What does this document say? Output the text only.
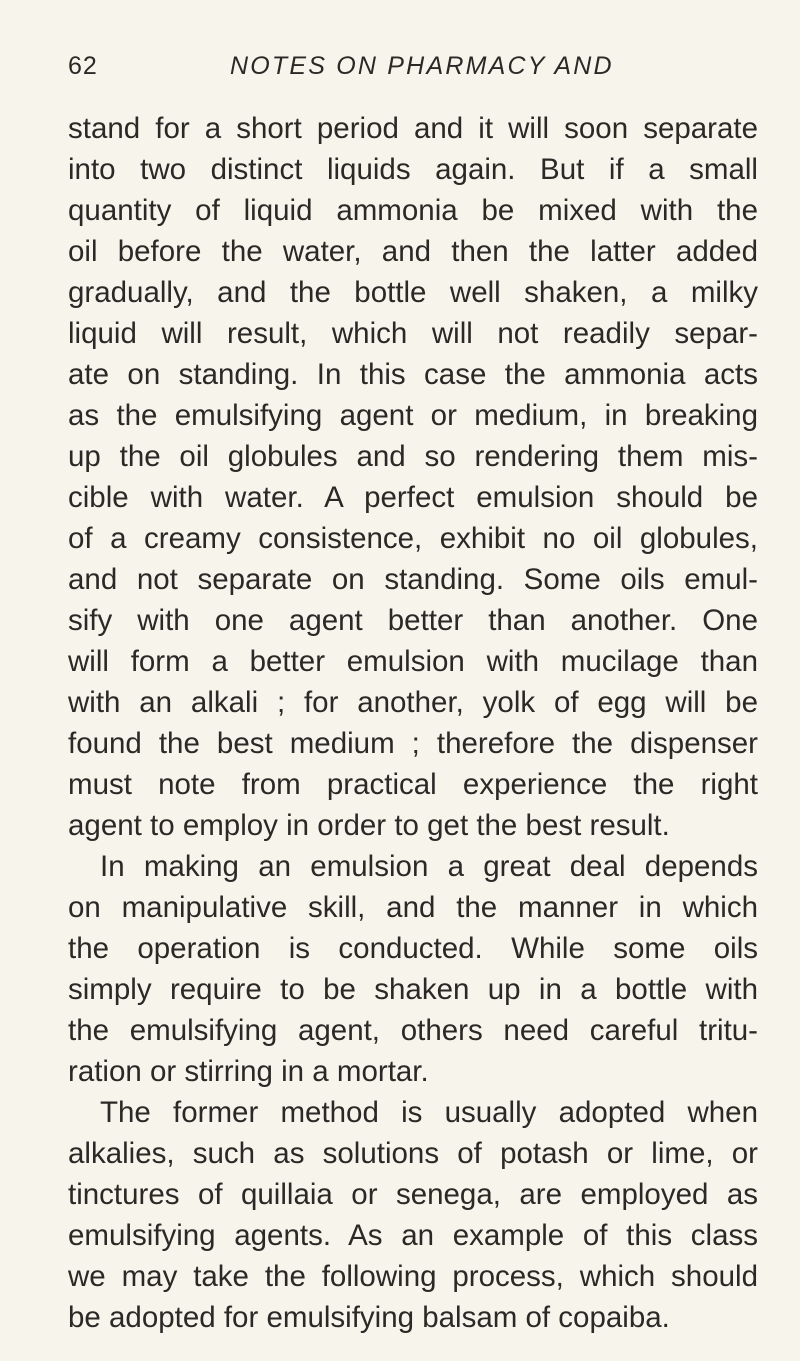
62	NOTES ON PHARMACY AND
stand for a short period and it will soon separate
into two distinct liquids again. But if a small
quantity of liquid ammonia be mixed with the
oil before the water, and then the latter added
gradually, and the bottle well shaken, a milky
liquid will result, which will not readily separ-
ate on standing. In this case the ammonia acts
as the emulsifying agent or medium, in breaking
up the oil globules and so rendering them mis-
cible with water. A perfect emulsion should be
of a creamy consistence, exhibit no oil globules,
and not separate on standing. Some oils emul-
sify with one agent better than another. One
will form a better emulsion with mucilage than
with an alkali ; for another, yolk of egg will be
found the best medium ; therefore the dispenser
must note from practical experience the right
agent to employ in order to get the best result.
In making an emulsion a great deal depends
on manipulative skill, and the manner in which
the operation is conducted. While some oils
simply require to be shaken up in a bottle with
the emulsifying agent, others need careful tritu-
ration or stirring in a mortar.
The former method is usually adopted when
alkalies, such as solutions of potash or lime, or
tinctures of quillaia or senega, are employed as
emulsifying agents. As an example of this class
we may take the following process, which should
be adopted for emulsifying balsam of copaiba.
